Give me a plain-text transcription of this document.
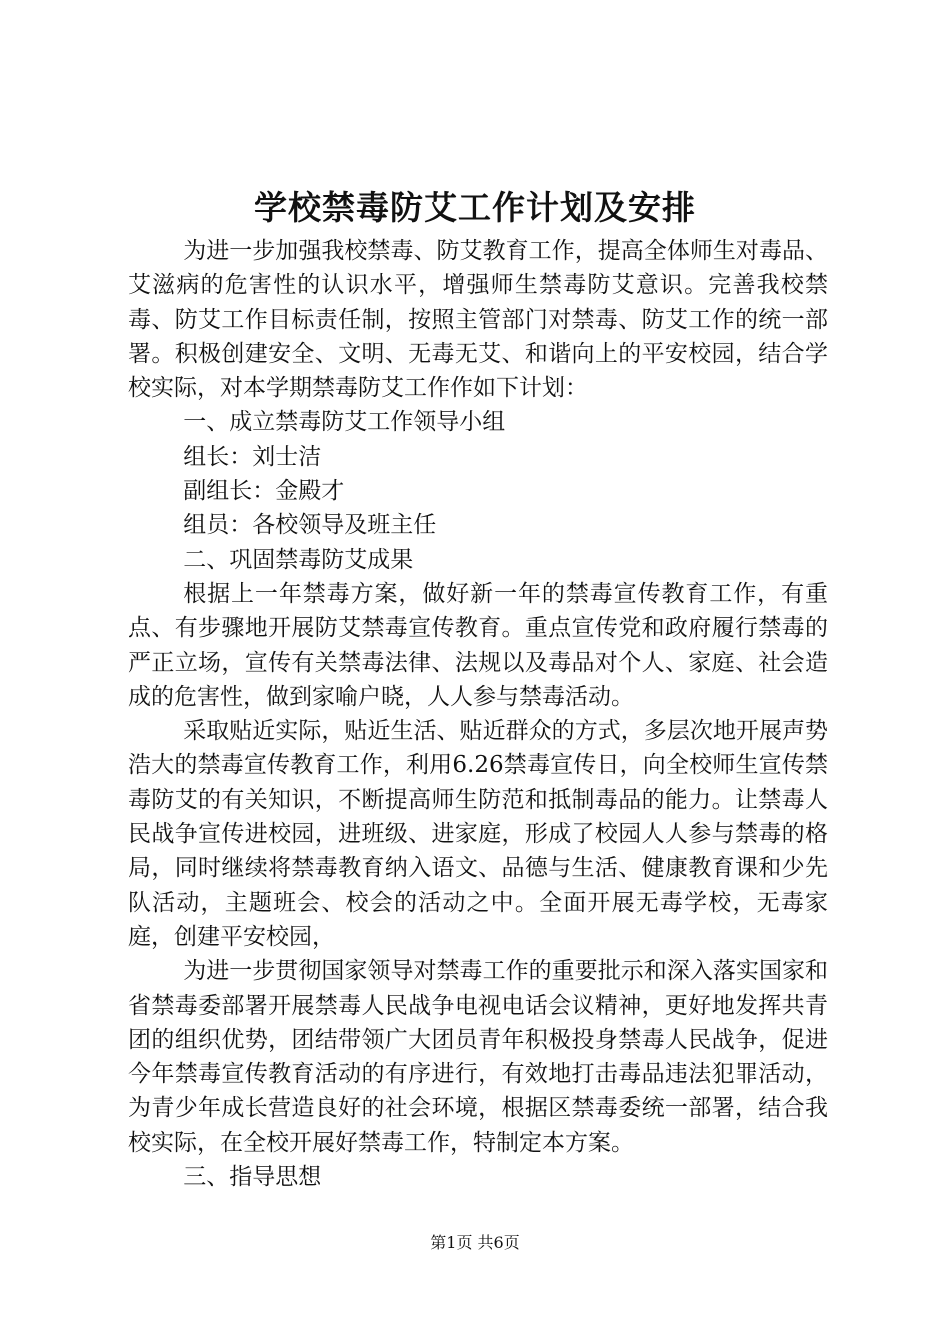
学校禁毒防艾工作计划及安排

为进一步加强我校禁毒、防艾教育工作，提高全体师生对毒品、艾滋病的危害性的认识水平，增强师生禁毒防艾意识。完善我校禁毒、防艾工作目标责任制，按照主管部门对禁毒、防艾工作的统一部署。积极创建安全、文明、无毒无艾、和谐向上的平安校园，结合学校实际，对本学期禁毒防艾工作作如下计划：

一、成立禁毒防艾工作领导小组

组长：刘士洁

副组长：金殿才

组员：各校领导及班主任

二、巩固禁毒防艾成果

根据上一年禁毒方案，做好新一年的禁毒宣传教育工作，有重点、有步骤地开展防艾禁毒宣传教育。重点宣传党和政府履行禁毒的严正立场，宣传有关禁毒法律、法规以及毒品对个人、家庭、社会造成的危害性，做到家喻户晓，人人参与禁毒活动。

采取贴近实际，贴近生活、贴近群众的方式，多层次地开展声势浩大的禁毒宣传教育工作，利用6.26禁毒宣传日，向全校师生宣传禁毒防艾的有关知识，不断提高师生防范和抵制毒品的能力。让禁毒人民战争宣传进校园，进班级、进家庭，形成了校园人人参与禁毒的格局，同时继续将禁毒教育纳入语文、品德与生活、健康教育课和少先队活动，主题班会、校会的活动之中。全面开展无毒学校，无毒家庭，创建平安校园，

为进一步贯彻国家领导对禁毒工作的重要批示和深入落实国家和省禁毒委部署开展禁毒人民战争电视电话会议精神，更好地发挥共青团的组织优势，团结带领广大团员青年积极投身禁毒人民战争，促进今年禁毒宣传教育活动的有序进行，有效地打击毒品违法犯罪活动，为青少年成长营造良好的社会环境，根据区禁毒委统一部署，结合我校实际，在全校开展好禁毒工作，特制定本方案。

三、指导思想

第1页 共6页
